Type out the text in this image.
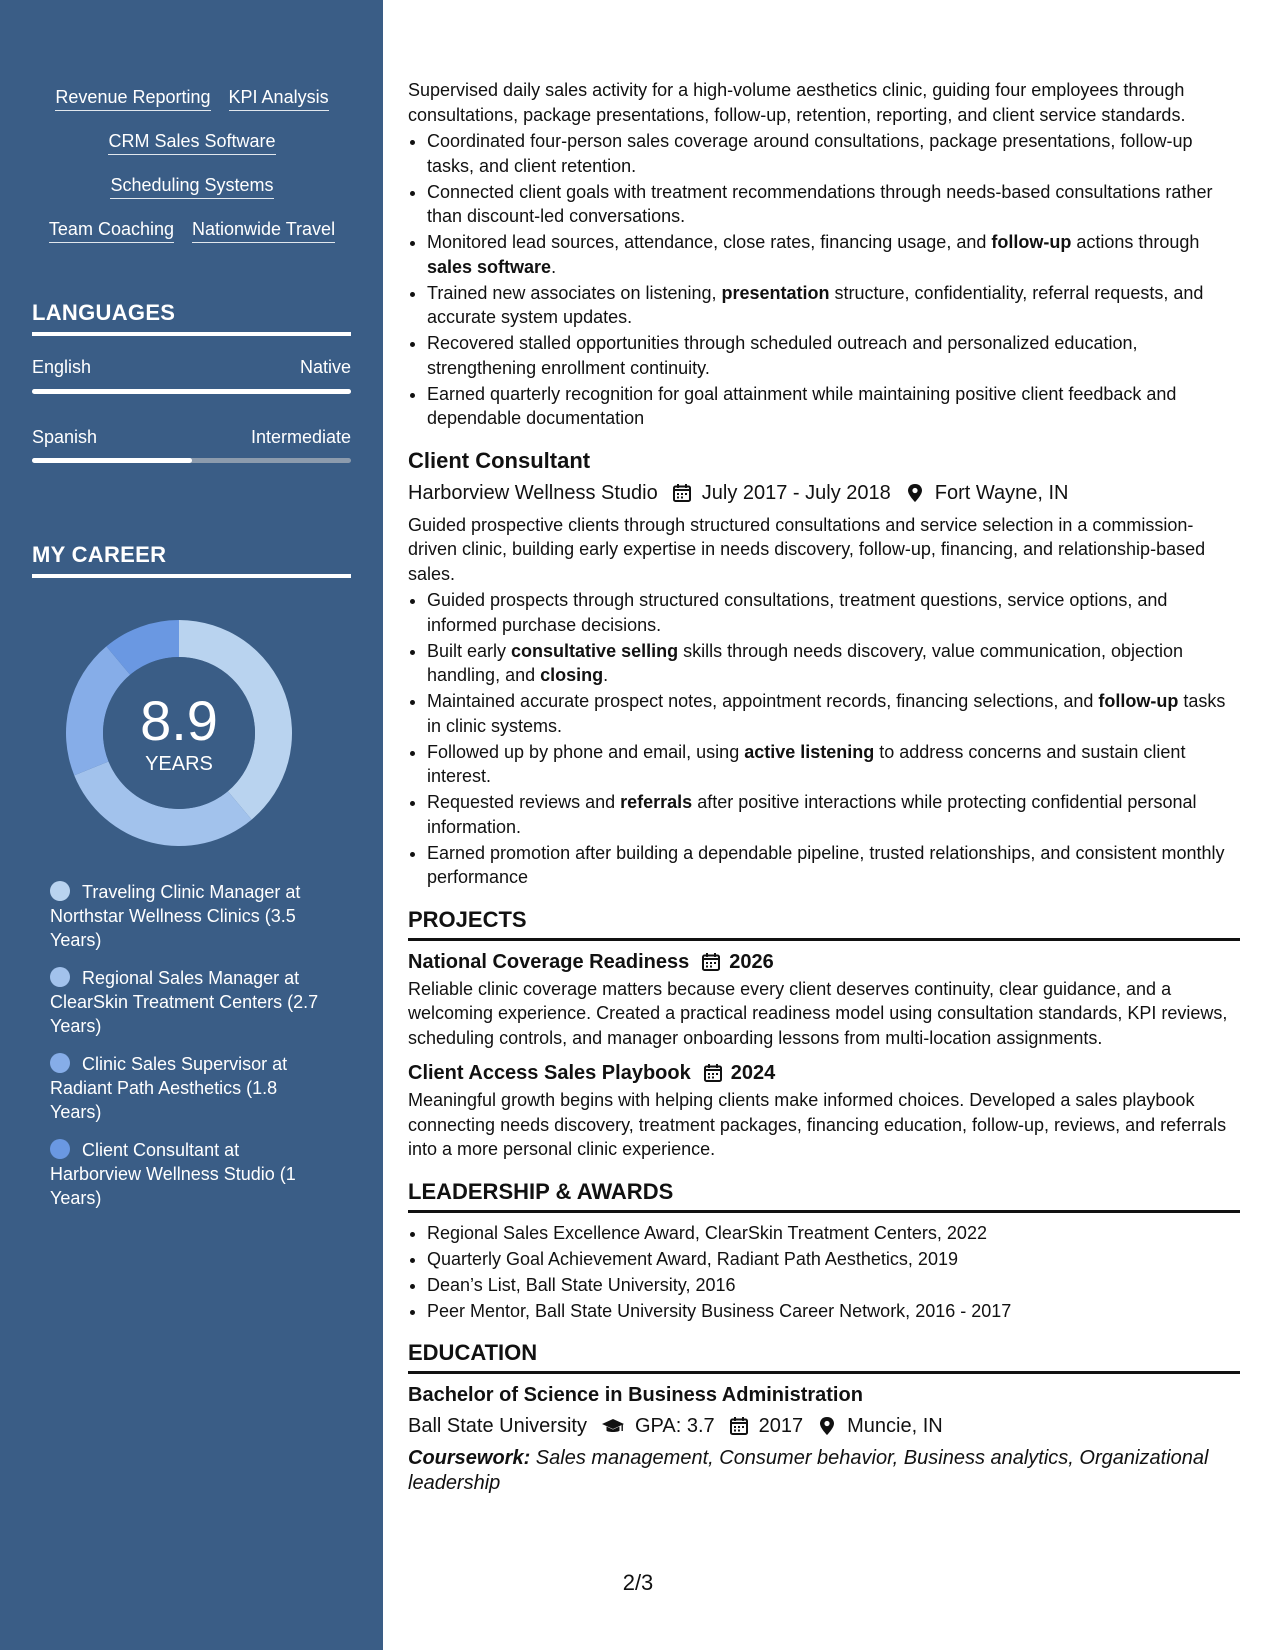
Revenue Reporting KPI Analysis
CRM Sales Software
Scheduling Systems
Team Coaching Nationwide Travel
LANGUAGES
English	Native
Spanish	Intermediate
MY CAREER
8.9
YEARS
Traveling Clinic Manager at Northstar Wellness Clinics (3.5 Years)
Regional Sales Manager at ClearSkin Treatment Centers (2.7 Years)
Clinic Sales Supervisor at Radiant Path Aesthetics (1.8 Years)
Client Consultant at Harborview Wellness Studio (1 Years)

Supervised daily sales activity for a high-volume aesthetics clinic, guiding four employees through consultations, package presentations, follow-up, retention, reporting, and client service standards.

• Coordinated four-person sales coverage around consultations, package presentations, follow-up tasks, and client retention.
• Connected client goals with treatment recommendations through needs-based consultations rather than discount-led conversations.
• Monitored lead sources, attendance, close rates, financing usage, and follow-up actions through sales software.
• Trained new associates on listening, presentation structure, confidentiality, referral requests, and accurate system updates.
• Recovered stalled opportunities through scheduled outreach and personalized education, strengthening enrollment continuity.
• Earned quarterly recognition for goal attainment while maintaining positive client feedback and dependable documentation
Client Consultant
Harborview Wellness Studio July 2017 - July 2018 Fort Wayne, IN

Guided prospective clients through structured consultations and service selection in a commission-driven clinic, building early expertise in needs discovery, follow-up, financing, and relationship-based sales.

• Guided prospects through structured consultations, treatment questions, service options, and informed purchase decisions.
• Built early consultative selling skills through needs discovery, value communication, objection handling, and closing.
• Maintained accurate prospect notes, appointment records, financing selections, and follow-up tasks in clinic systems.
• Followed up by phone and email, using active listening to address concerns and sustain client interest.
• Requested reviews and referrals after positive interactions while protecting confidential personal information.
• Earned promotion after building a dependable pipeline, trusted relationships, and consistent monthly performance
PROJECTS
National Coverage Readiness 2026

Reliable clinic coverage matters because every client deserves continuity, clear guidance, and a welcoming experience. Created a practical readiness model using consultation standards, KPI reviews, scheduling controls, and manager onboarding lessons from multi-location assignments.

Client Access Sales Playbook 2024

Meaningful growth begins with helping clients make informed choices. Developed a sales playbook connecting needs discovery, treatment packages, financing education, follow-up, reviews, and referrals into a more personal clinic experience.

LEADERSHIP & AWARDS
• Regional Sales Excellence Award, ClearSkin Treatment Centers, 2022
• Quarterly Goal Achievement Award, Radiant Path Aesthetics, 2019
• Dean’s List, Ball State University, 2016
• Peer Mentor, Ball State University Business Career Network, 2016 - 2017
EDUCATION
Bachelor of Science in Business Administration
Ball State University GPA: 3.7 2017 Muncie, IN
Coursework: Sales management, Consumer behavior, Business analytics, Organizational leadership
2/3
